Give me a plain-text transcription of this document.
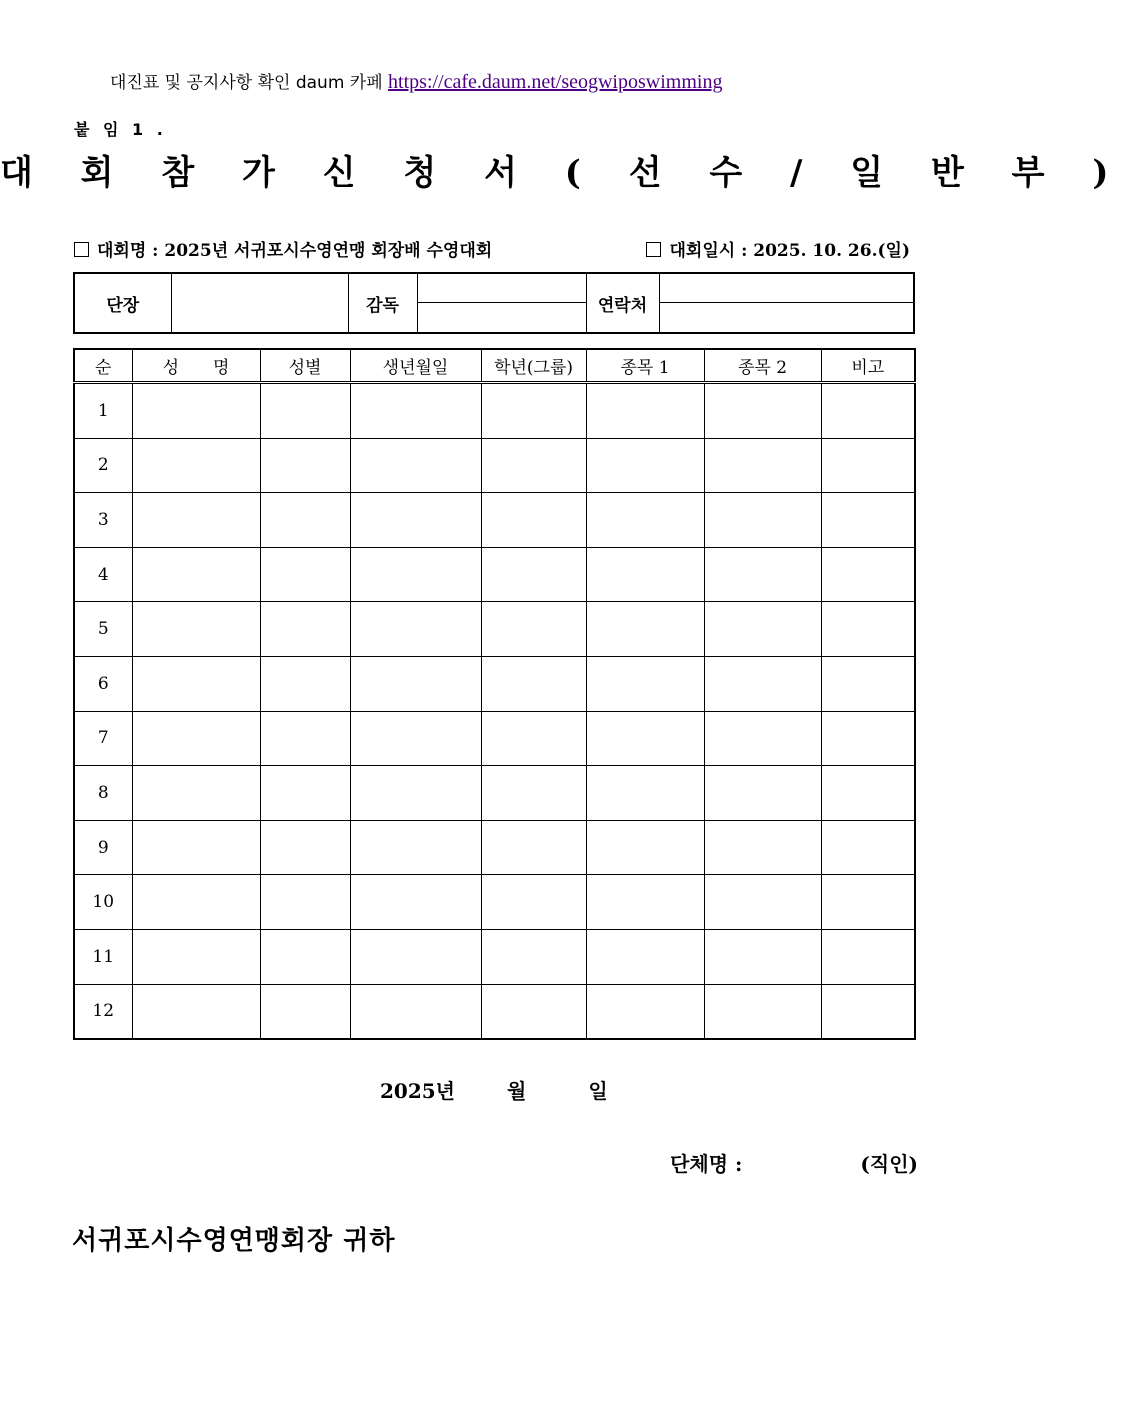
대진표 및 공지사항 확인 daum 카페 https://cafe.daum.net/seogwiposwimming
붙 임 1 .
대 회 참 가 신 청 서 ( 선 수 / 일 반 부 )
대회명 : 2025년 서귀포시수영연맹 회장배 수영대회	대회일시 : 2025. 10. 26.(일)
단장		감독		연락처	
순	성　　명	성별	생년월일	학년(그룹)	종목 1	종목 2	비고
1							
2							
3							
4							
5							
6							
7							
8							
9							
10							
11							
12							
2025년	월	일
단체명 :	(직인)
서귀포시수영연맹회장 귀하
